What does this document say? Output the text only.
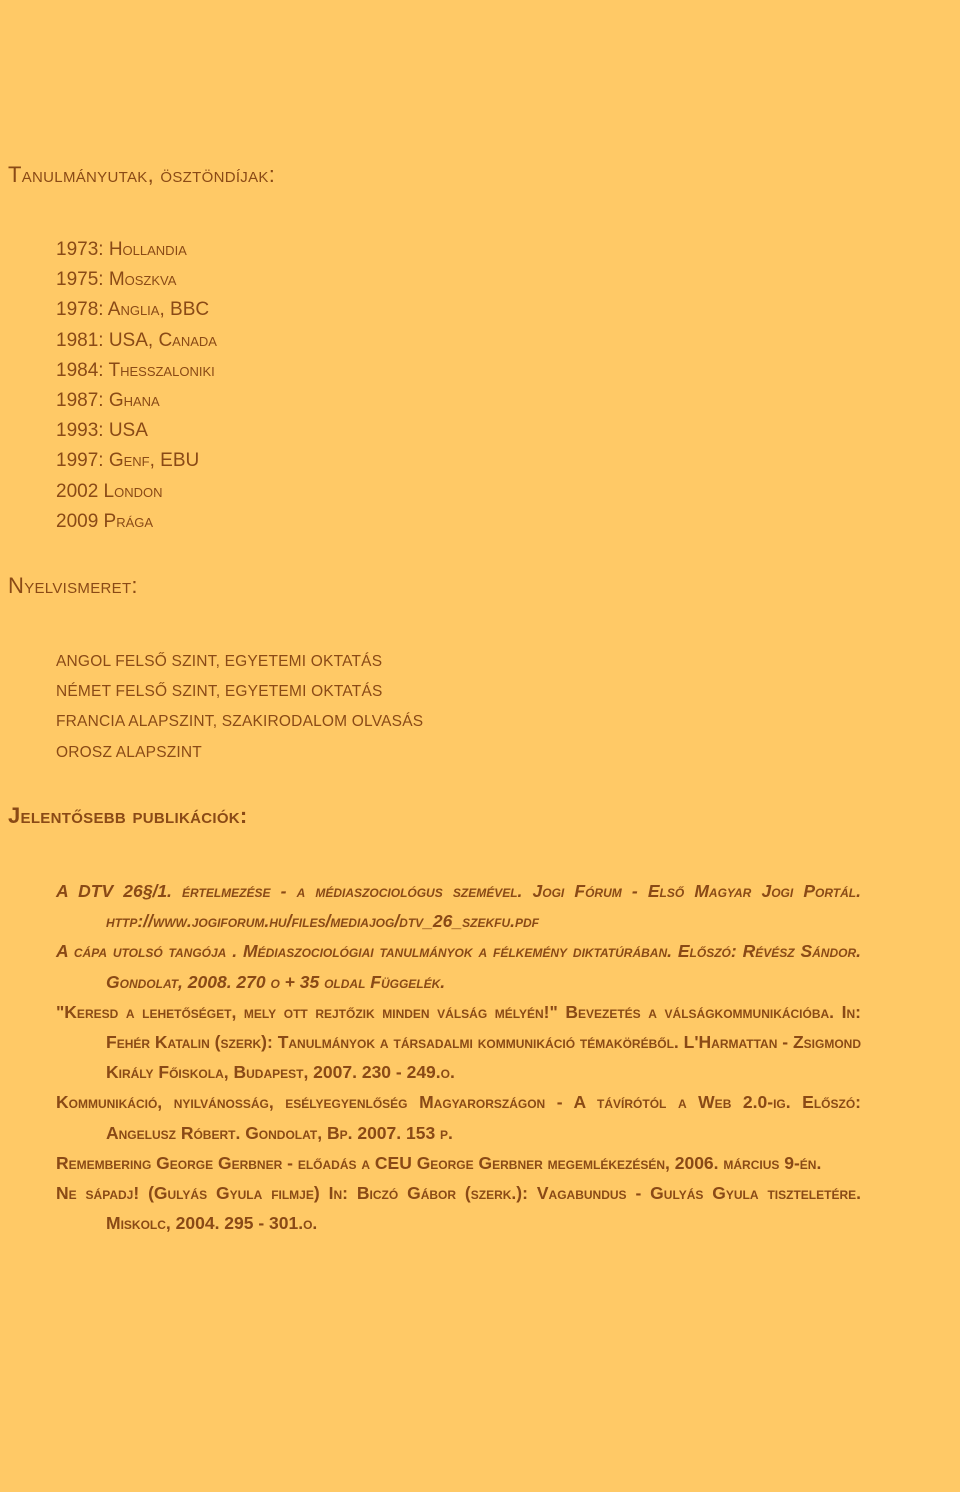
Tanulmányutak, ösztöndíjak:
1973: Hollandia
1975: Moszkva
1978: Anglia, BBC
1981: USA, Canada
1984: Thesszaloniki
1987: Ghana
1993: USA
1997: Genf, EBU
2002 London
2009 Prága
Nyelvismeret:
ANGOL FELSŐ SZINT, EGYETEMI OKTATÁS
NÉMET FELSŐ SZINT, EGYETEMI OKTATÁS
FRANCIA ALAPSZINT, SZAKIRODALOM OLVASÁS
OROSZ ALAPSZINT
Jelentősebb publikációk:
A DTV 26§/1. értelmezése - a médiaszociológus szemével. Jogi Fórum - Első Magyar Jogi Portál. http://www.jogiforum.hu/files/mediajog/dtv_26_szekfu.pdf
A cápa utolsó tangója . Médiaszociológiai tanulmányok a félkemény diktatúrában. Előszó: Révész Sándor. Gondolat, 2008. 270 o + 35 oldal Függelék.
"Keresd a lehetőséget, mely ott rejtőzik minden válság mélyén!" Bevezetés a válságkommunikációba. In: Fehér Katalin (szerk): Tanulmányok a társadalmi kommunikáció témaköréből. L'Harmattan - Zsigmond Király Főiskola, Budapest, 2007. 230 - 249.o.
Kommunikáció, nyilvánosság, esélyegyenlőség Magyarországon - A távírótól a Web 2.0-ig. Előszó: Angelusz Róbert. Gondolat, Bp. 2007. 153 p.
Remembering George Gerbner - előadás a CEU George Gerbner megemlékezésén, 2006. március 9-én.
Ne sápadj! (Gulyás Gyula filmje) In: Biczó Gábor (szerk.): Vagabundus - Gulyás Gyula tiszteletére. Miskolc, 2004. 295 - 301.o.
